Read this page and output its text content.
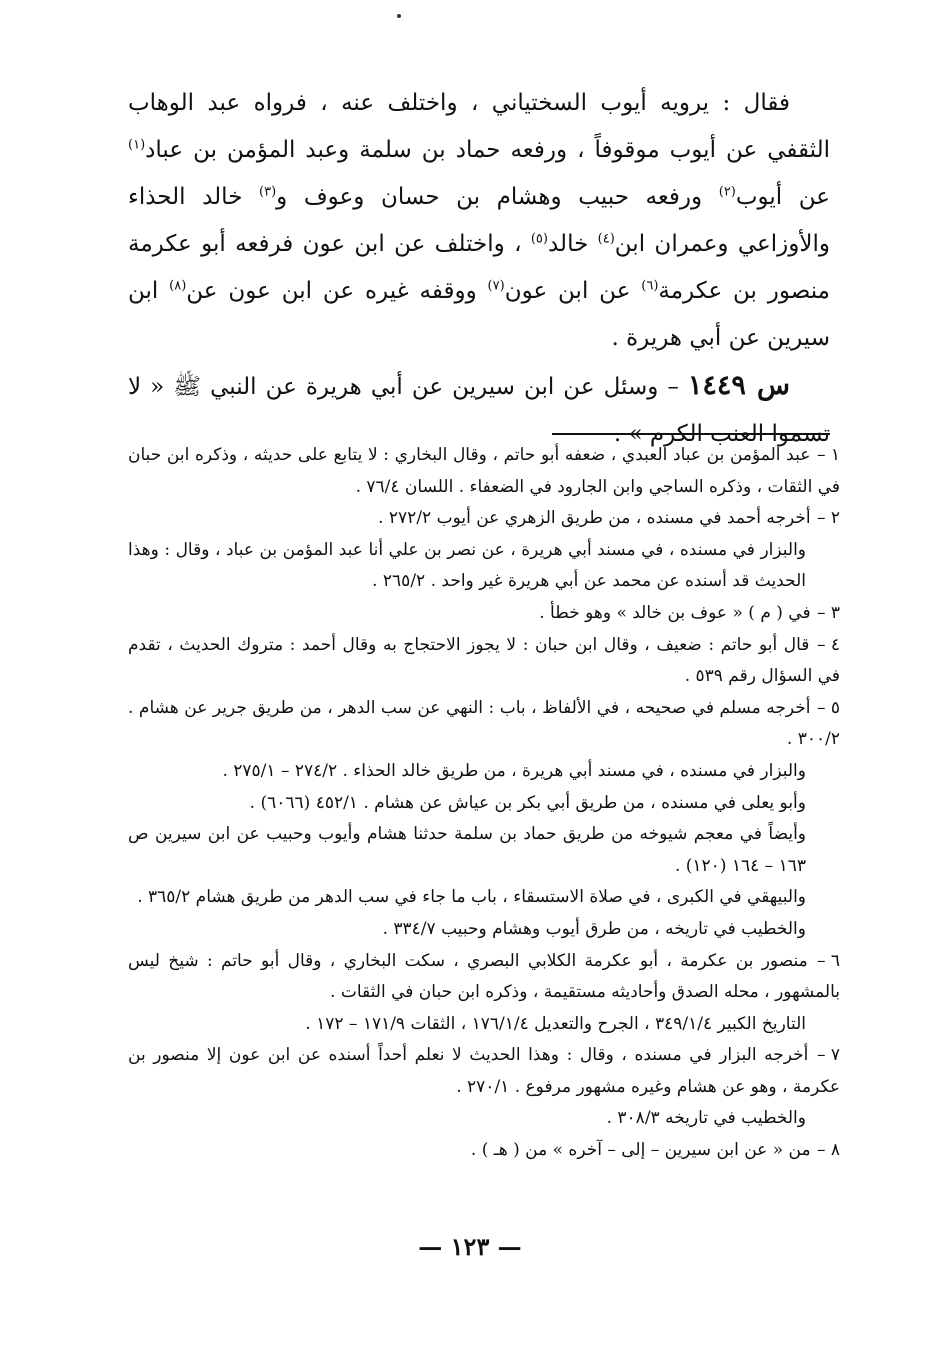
فقال : يرويه أيوب السختياني ، واختلف عنه ، فرواه عبد الوهاب الثقفي عن أيوب موقوفاً ، ورفعه حماد بن سلمة وعبد المؤمن بن عباد$^{(١)}$ عن أيوب$^{(٢)}$ ورفعه حبيب وهشام بن حسان وعوف و$^{(٣)}$ خالد الحذاء والأوزاعي وعمران ابن$^{(٤)}$ خالد$^{(٥)}$ ، واختلف عن ابن عون فرفعه أبو عكرمة منصور بن عكرمة$^{(٦)}$ عن ابن عون$^{(٧)}$ ووقفه غيره عن ابن عون عن$^{(٨)}$ ابن سيرين عن أبي هريرة .

س ١٤٤٩ – وسئل عن ابن سيرين عن أبي هريرة عن النبي ﷺ « لا تسموا العنب الكرم » .

١ – عبد المؤمن بن عباد العبدي ، ضعفه أبو حاتم ، وقال البخاري : لا يتابع على حديثه ، وذكره ابن حبان في الثقات ، وذكره الساجي وابن الجارود في الضعفاء . اللسان ٧٦/٤ .

٢ – أخرجه أحمد في مسنده ، من طريق الزهري عن أيوب ٢٧٢/٢ .

والبزار في مسنده ، في مسند أبي هريرة ، عن نصر بن علي أنا عبد المؤمن بن عباد ، وقال : وهذا الحديث قد أسنده عن محمد عن أبي هريرة غير واحد . ٢٦٥/٢ .

٣ – في ( م ) « عوف بن خالد » وهو خطأ .

٤ – قال أبو حاتم : ضعيف ، وقال ابن حبان : لا يجوز الاحتجاج به وقال أحمد : متروك الحديث ، تقدم في السؤال رقم ٥٣٩ .

٥ – أخرجه مسلم في صحيحه ، في الألفاظ ، باب : النهي عن سب الدهر ، من طريق جرير عن هشام . ٣٠٠/٢ .

والبزار في مسنده ، في مسند أبي هريرة ، من طريق خالد الحذاء . ٢٧٤/٢ – ٢٧٥/١ .

وأبو يعلى في مسنده ، من طريق أبي بكر بن عياش عن هشام . ٤٥٢/١ (٦٠٦٦) .

وأيضاً في معجم شيوخه من طريق حماد بن سلمة حدثنا هشام وأيوب وحبيب عن ابن سيرين ص ١٦٣ – ١٦٤ (١٢٠) .

والبيهقي في الكبرى ، في صلاة الاستسقاء ، باب ما جاء في سب الدهر من طريق هشام ٣٦٥/٢ .

والخطيب في تاريخه ، من طرق أيوب وهشام وحبيب ٣٣٤/٧ .

٦ – منصور بن عكرمة ، أبو عكرمة الكلابي البصري ، سكت البخاري ، وقال أبو حاتم : شيخ ليس بالمشهور ، محله الصدق وأحاديثه مستقيمة ، وذكره ابن حبان في الثقات .

التاريخ الكبير ٣٤٩/١/٤ ، الجرح والتعديل ١٧٦/١/٤ ، الثقات ١٧١/٩ – ١٧٢ .

٧ – أخرجه البزار في مسنده ، وقال : وهذا الحديث لا نعلم أحداً أسنده عن ابن عون إلا منصور بن عكرمة ، وهو عن هشام وغيره مشهور مرفوع . ٢٧٠/١ .

والخطيب في تاريخه ٣٠٨/٣ .

٨ – من « عن ابن سيرين – إلى – آخره » من ( هـ ) .

— ١٢٣ —
